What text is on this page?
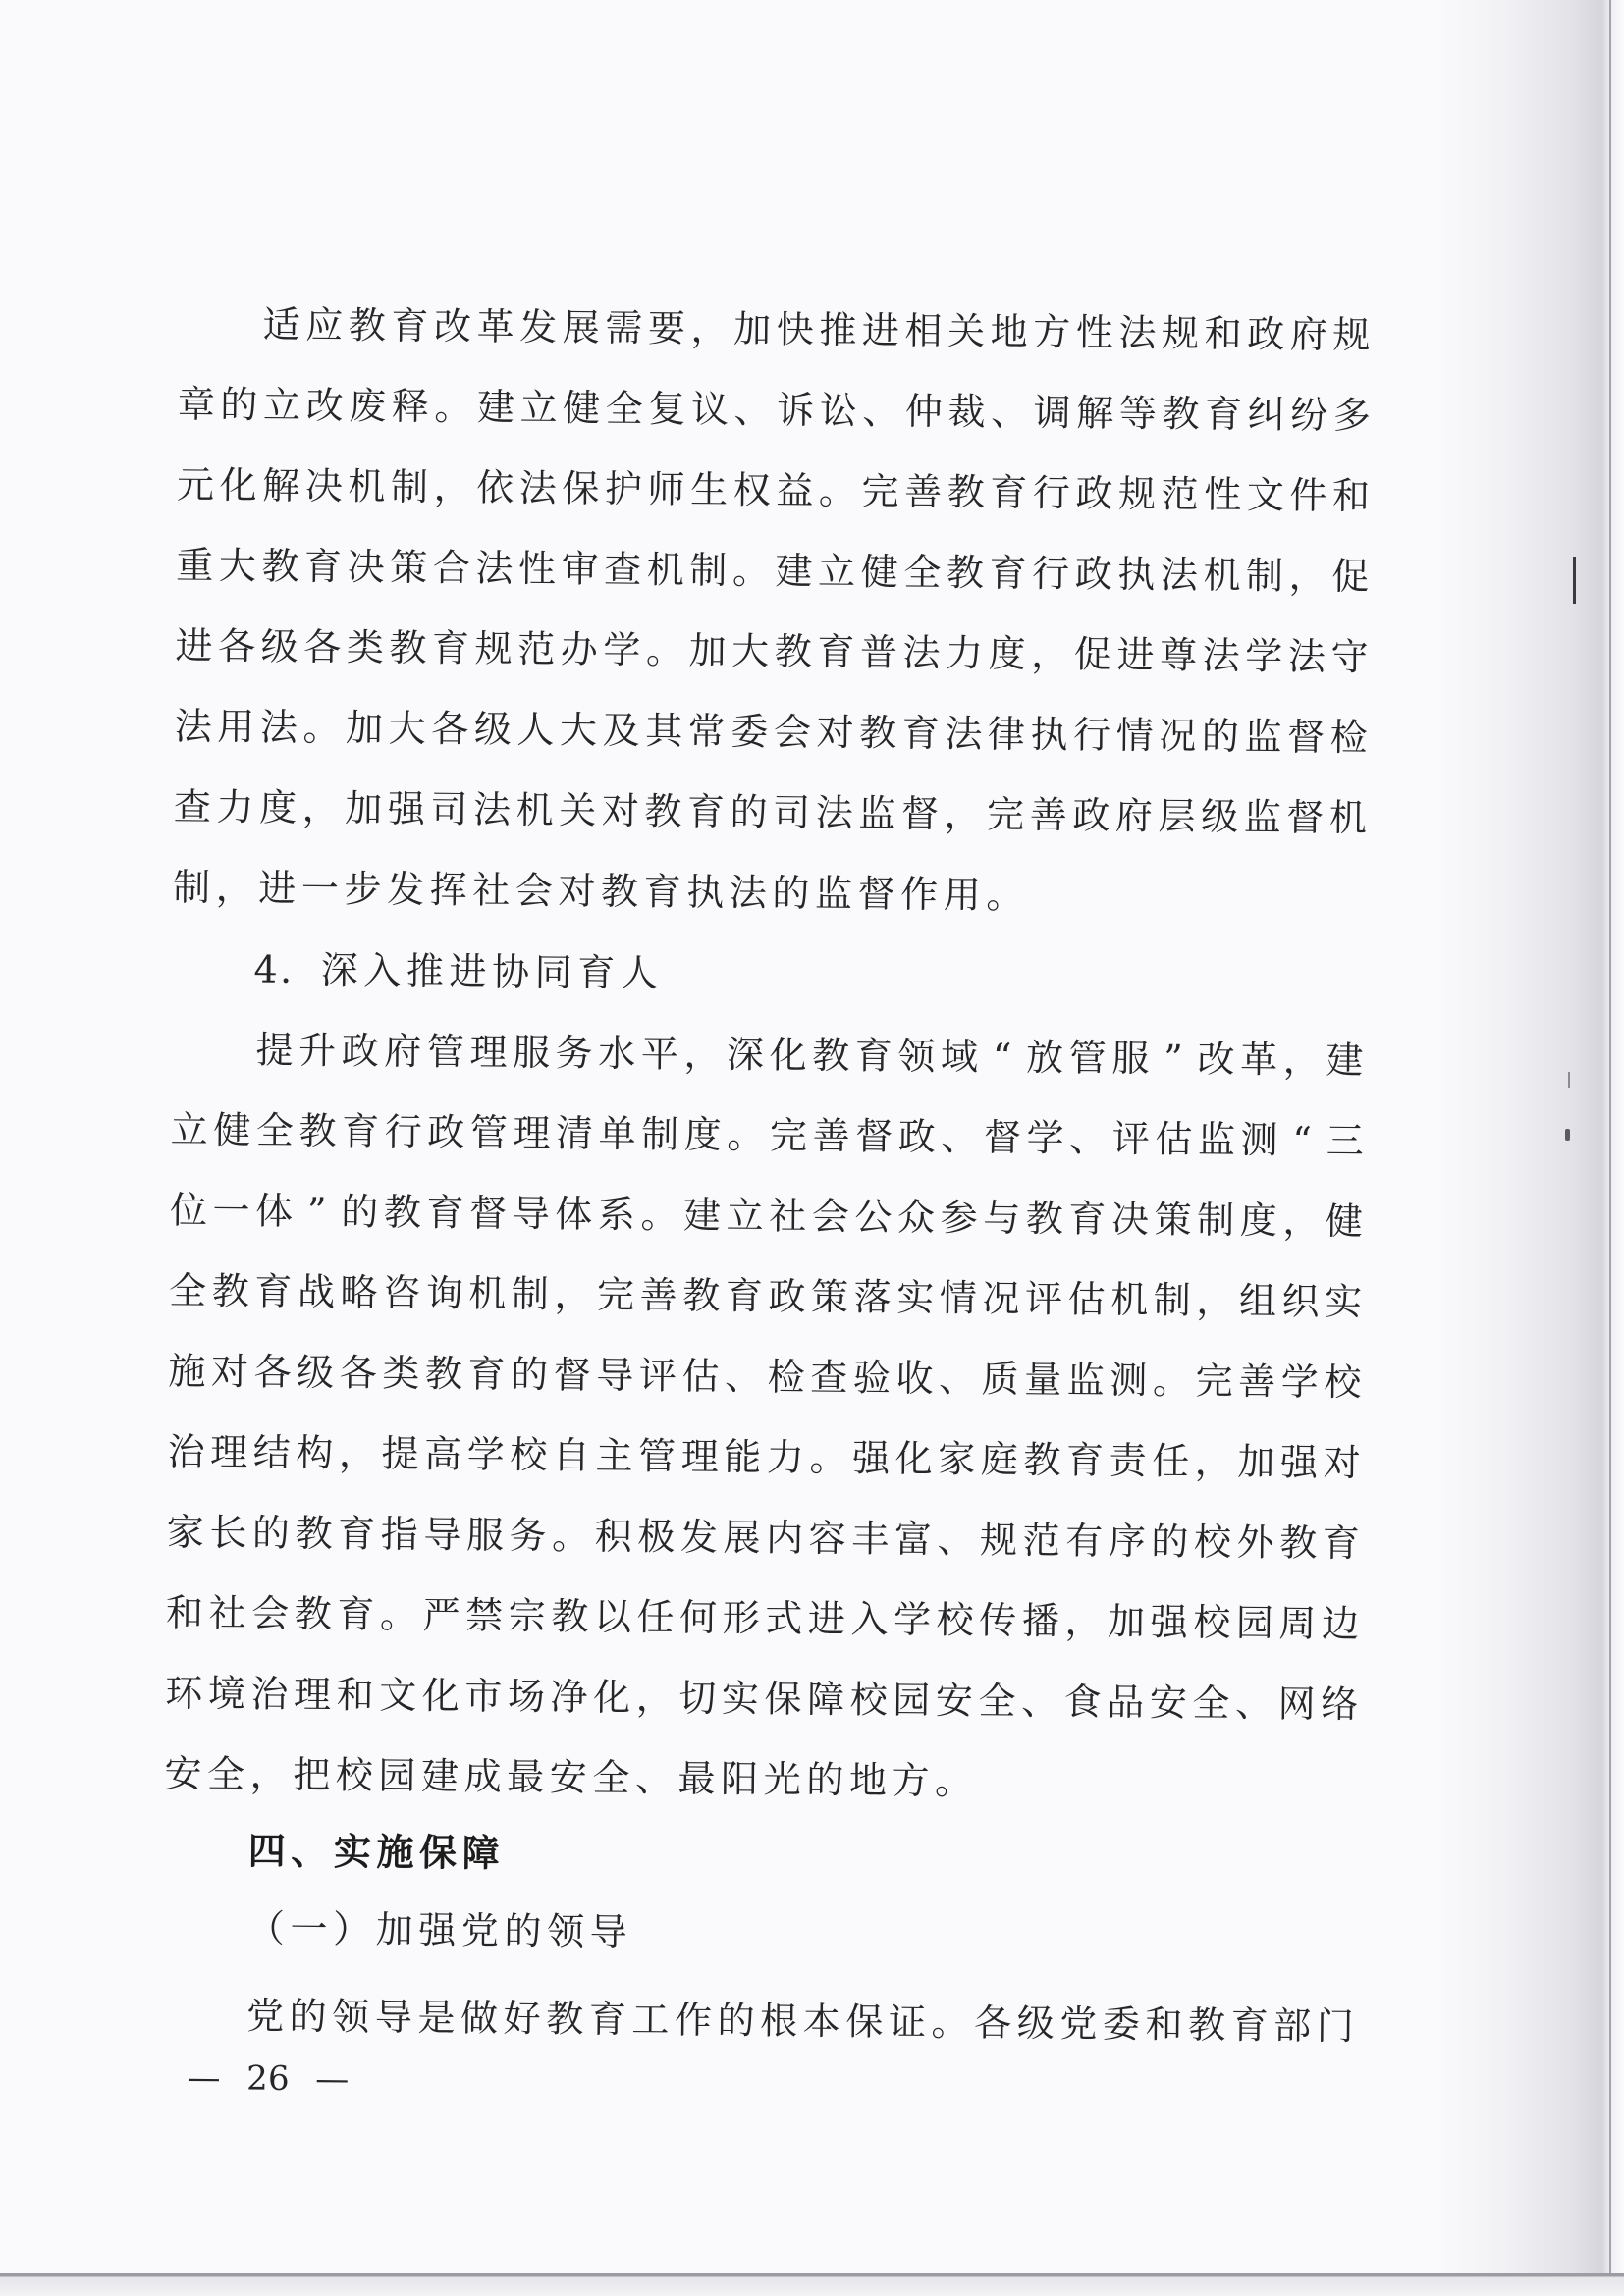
适 应 教 育 改 革 发 展 需 要 ， 加 快 推 进 相 关 地 方 性 法 规 和 政 府 规
章 的 立 改 废 释 。 建 立 健 全 复 议 、 诉 讼 、 仲 裁 、 调 解 等 教 育 纠 纷 多
元 化 解 决 机 制 ， 依 法 保 护 师 生 权 益 。 完 善 教 育 行 政 规 范 性 文 件 和
重 大 教 育 决 策 合 法 性 审 查 机 制 。 建 立 健 全 教 育 行 政 执 法 机 制 ， 促
进 各 级 各 类 教 育 规 范 办 学 。 加 大 教 育 普 法 力 度 ， 促 进 尊 法 学 法 守
法 用 法 。 加 大 各 级 人 大 及 其 常 委 会 对 教 育 法 律 执 行 情 况 的 监 督 检
查 力 度 ， 加 强 司 法 机 关 对 教 育 的 司 法 监 督 ， 完 善 政 府 层 级 监 督 机
制 ， 进 一 步 发 挥 社 会 对 教 育 执 法 的 监 督 作 用 。
4. 深 入 推 进 协 同 育 人
提 升 政 府 管 理 服 务 水 平 ， 深 化 教 育 领 域 “ 放 管 服 ” 改 革 ， 建
立 健 全 教 育 行 政 管 理 清 单 制 度 。 完 善 督 政 、 督 学 、 评 估 监 测 “ 三
位 一 体 ” 的 教 育 督 导 体 系 。 建 立 社 会 公 众 参 与 教 育 决 策 制 度 ， 健
全 教 育 战 略 咨 询 机 制 ， 完 善 教 育 政 策 落 实 情 况 评 估 机 制 ， 组 织 实
施 对 各 级 各 类 教 育 的 督 导 评 估 、 检 查 验 收 、 质 量 监 测 。 完 善 学 校
治 理 结 构 ， 提 高 学 校 自 主 管 理 能 力 。 强 化 家 庭 教 育 责 任 ， 加 强 对
家 长 的 教 育 指 导 服 务 。 积 极 发 展 内 容 丰 富 、 规 范 有 序 的 校 外 教 育
和 社 会 教 育 。 严 禁 宗 教 以 任 何 形 式 进 入 学 校 传 播 ， 加 强 校 园 周 边
环 境 治 理 和 文 化 市 场 净 化 ， 切 实 保 障 校 园 安 全 、 食 品 安 全 、 网 络
安 全 ， 把 校 园 建 成 最 安 全 、 最 阳 光 的 地 方 。
四 、 实 施 保 障
（ 一 ） 加 强 党 的 领 导
党 的 领 导 是 做 好 教 育 工 作 的 根 本 保 证 。 各 级 党 委 和 教 育 部 门
— 26 —
